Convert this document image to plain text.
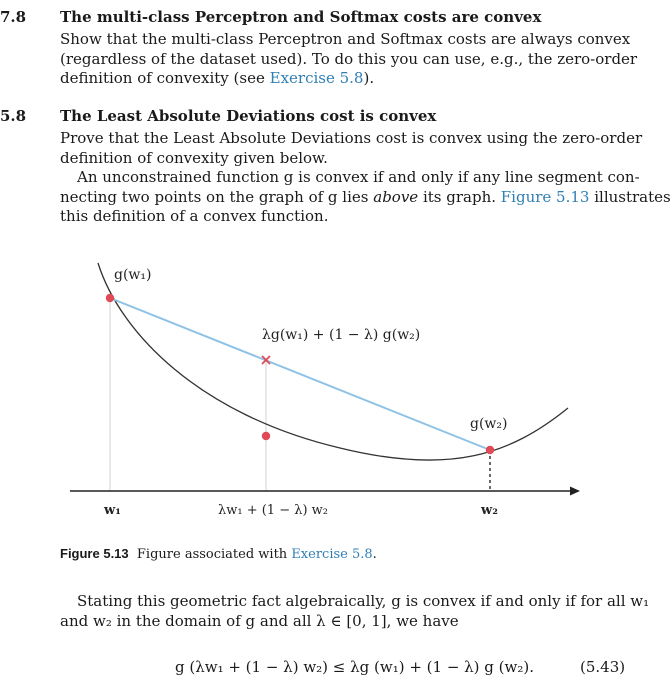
7.8 The multi-class Perceptron and Softmax costs are convex
Show that the multi-class Perceptron and Softmax costs are always convex
(regardless of the dataset used). To do this you can use, e.g., the zero-order
definition of convexity (see Exercise 5.8).
5.8 The Least Absolute Deviations cost is convex
Prove that the Least Absolute Deviations cost is convex using the zero-order
definition of convexity given below.
An unconstrained function g is convex if and only if any line segment con-
necting two points on the graph of g lies above its graph. Figure 5.13 illustrates
this definition of a convex function.
g(w₁)
λg(w₁) + (1 − λ) g(w₂)
g(w₂)
w₁	λw₁ + (1 − λ) w₂	w₂
Figure 5.13  Figure associated with Exercise 5.8.
Stating this geometric fact algebraically, g is convex if and only if for all w₁
and w₂ in the domain of g and all λ ∈ [0, 1], we have
g (λw₁ + (1 − λ) w₂) ≤ λg (w₁) + (1 − λ) g (w₂).	(5.43)
